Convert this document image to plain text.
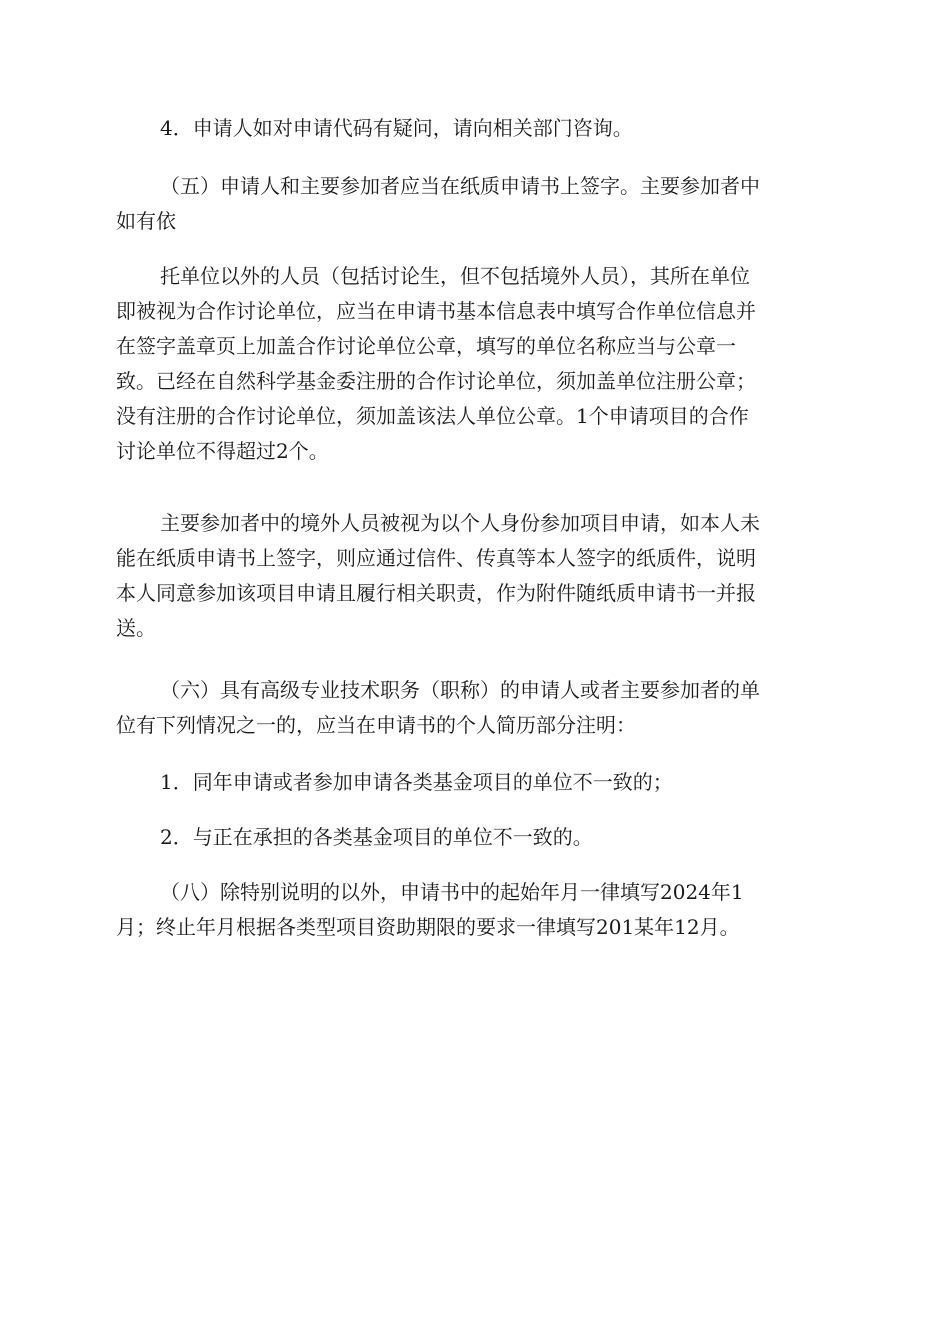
4．申请人如对申请代码有疑问，请向相关部门咨询。
（五）申请人和主要参加者应当在纸质申请书上签字。主要参加者中
如有依
托单位以外的人员（包括讨论生，但不包括境外人员），其所在单位
即被视为合作讨论单位，应当在申请书基本信息表中填写合作单位信息并
在签字盖章页上加盖合作讨论单位公章，填写的单位名称应当与公章一
致。已经在自然科学基金委注册的合作讨论单位，须加盖单位注册公章；
没有注册的合作讨论单位，须加盖该法人单位公章。1个申请项目的合作
讨论单位不得超过2个。
主要参加者中的境外人员被视为以个人身份参加项目申请，如本人未
能在纸质申请书上签字，则应通过信件、传真等本人签字的纸质件，说明
本人同意参加该项目申请且履行相关职责，作为附件随纸质申请书一并报
送。
（六）具有高级专业技术职务（职称）的申请人或者主要参加者的单
位有下列情况之一的，应当在申请书的个人简历部分注明：
1．同年申请或者参加申请各类基金项目的单位不一致的；
2．与正在承担的各类基金项目的单位不一致的。
（八）除特别说明的以外，申请书中的起始年月一律填写2024年1
月；终止年月根据各类型项目资助期限的要求一律填写201某年12月。
